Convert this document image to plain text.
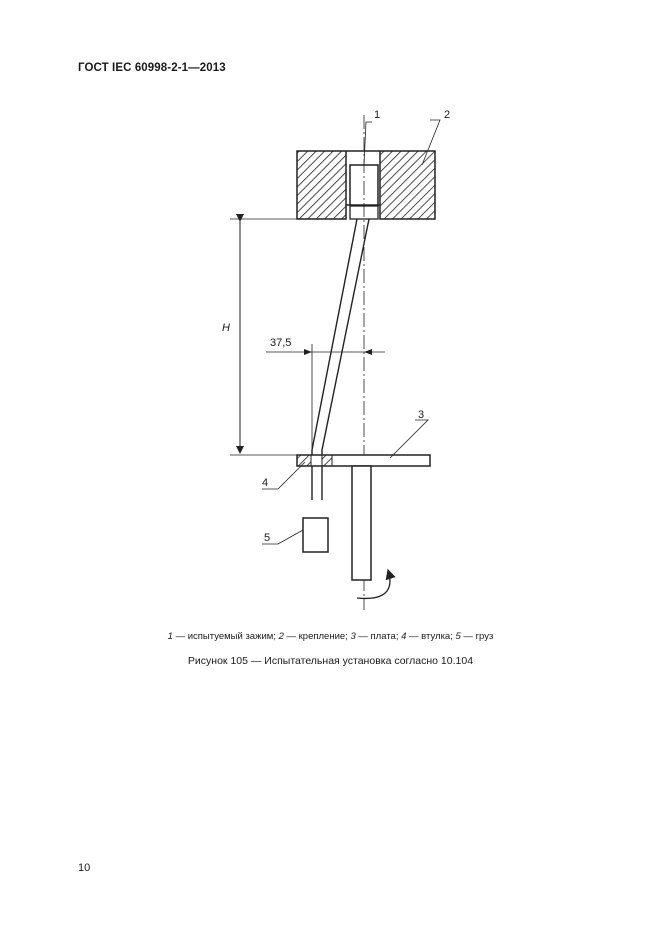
ГОСТ IEC 60998-2-1—2013
H
37,5
1	2
3
4
5
1 — испытуемый зажим; 2 — крепление; 3 — плата; 4 — втулка; 5 — груз
Рисунок 105 — Испытательная установка согласно 10.104
10
